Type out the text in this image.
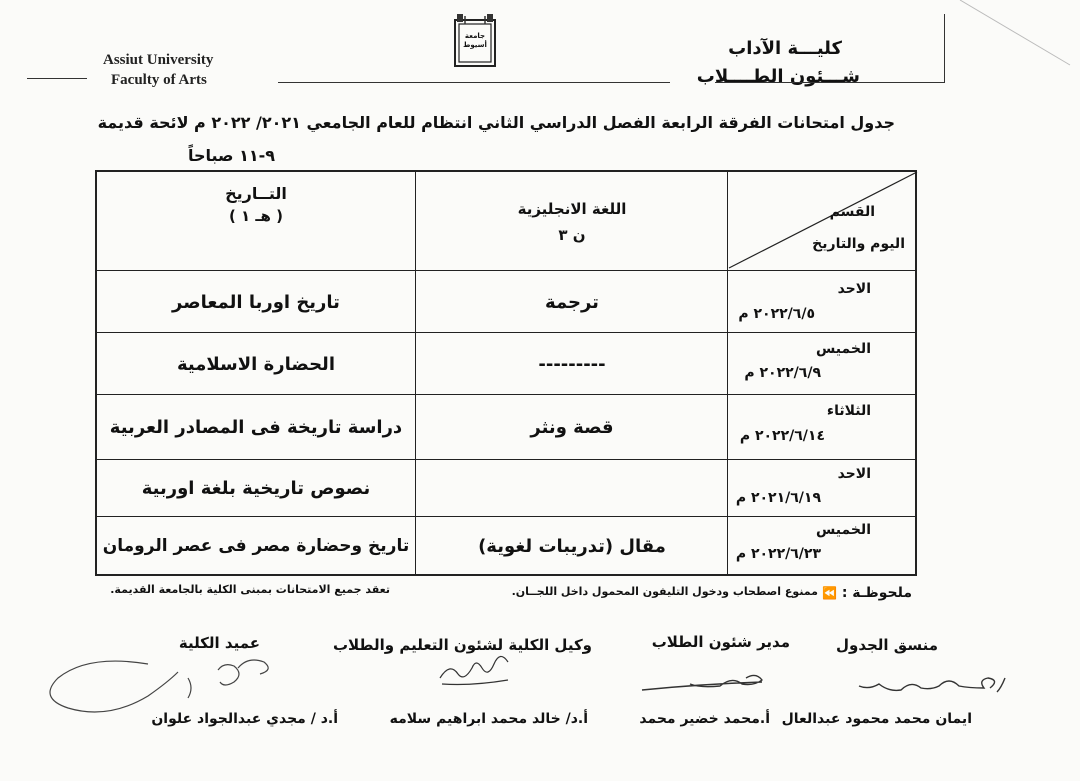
Assiut University
Faculty of Arts
جامعة أسيوط	كليـــة الآداب
شـــئون الطــــلاب
جدول امتحانات الفرقة الرابعة الفصل الدراسي الثاني انتظام للعام الجامعي ٢٠٢١/ ٢٠٢٢ م لائحة قديمة
٩-١١ صباحاً
القسم
اليوم والتاريخ
اللغة الانجليزية
ن ٣
التــاريخ
( هـ ١ )
الاحد
٢٠٢٢/٦/٥ م
ترجمة
تاريخ اوربا المعاصر
الخميس
٢٠٢٢/٦/٩ م
---------
الحضارة الاسلامية
الثلاثاء
٢٠٢٢/٦/١٤ م
قصة ونثر
دراسة تاريخة فى المصادر العربية
الاحد
٢٠٢١/٦/١٩ م
نصوص تاريخية بلغة اوربية
الخميس
٢٠٢٢/٦/٢٣ م
مقال (تدريبات لغوية)
تاريخ وحضارة مصر فى عصر الرومان
ملحوظـة :
⏪
ممنوع اصطحاب ودخول التليفون المحمول داخل اللجــان.
تعقد جميع الامتحانات بمبنى الكلية بالجامعة القديمة.
منسق الجدول
مدير شئون الطلاب
وكيل الكلية لشئون التعليم والطلاب
عميد الكلية
ايمان محمد محمود عبدالعال
أ.محمد خضير محمد
أ.د/ خالد محمد ابراهيم سلامه
أ.د / مجدي عبدالجواد علوان
